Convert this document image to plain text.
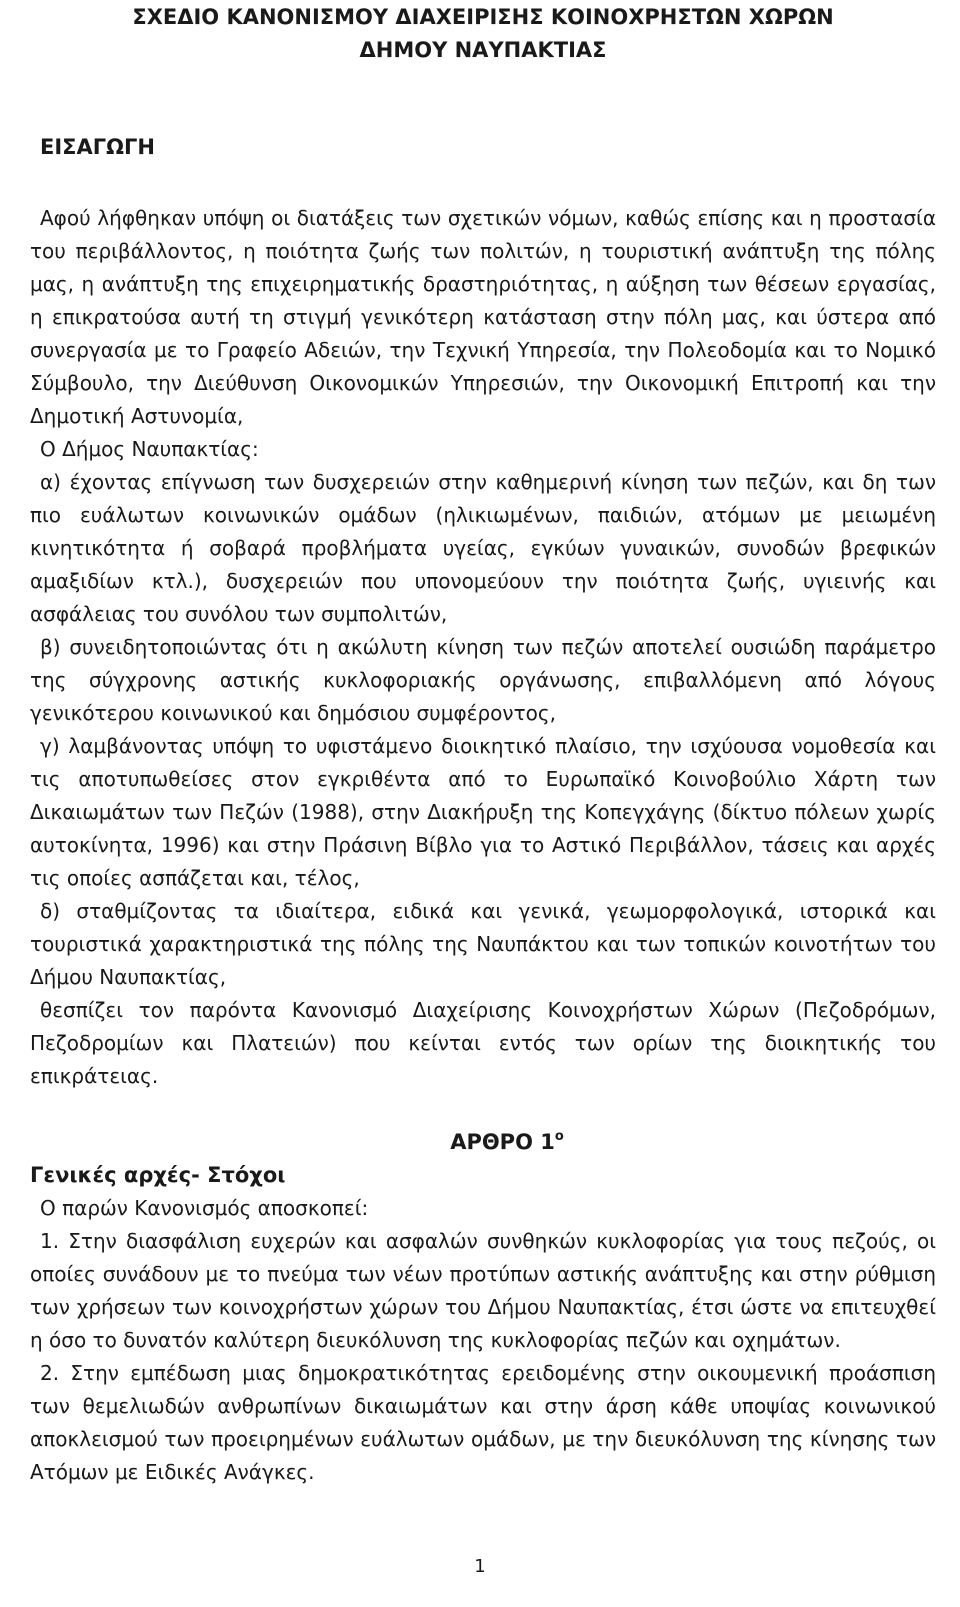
ΣΧΕΔΙΟ ΚΑΝΟΝΙΣΜΟΥ ΔΙΑΧΕΙΡΙΣΗΣ ΚΟΙΝΟΧΡΗΣΤΩΝ ΧΩΡΩΝ
ΔΗΜΟΥ ΝΑΥΠΑΚΤΙΑΣ
ΕΙΣΑΓΩΓΗ

Αφού λήφθηκαν υπόψη οι διατάξεις των σχετικών νόμων, καθώς επίσης και η προστασία του περιβάλλοντος, η ποιότητα ζωής των πολιτών, η τουριστική ανάπτυξη της πόλης μας, η ανάπτυξη της επιχειρηματικής δραστηριότητας, η αύξηση των θέσεων εργασίας, η επικρατούσα αυτή τη στιγμή γενικότερη κατάσταση στην πόλη μας, και ύστερα από συνεργασία με το Γραφείο Αδειών, την Τεχνική Υπηρεσία, την Πολεοδομία και το Νομικό Σύμβουλο, την Διεύθυνση Οικονομικών Υπηρεσιών, την Οικονομική Επιτροπή και την Δημοτική Αστυνομία,

Ο Δήμος Ναυπακτίας:

α) έχοντας επίγνωση των δυσχερειών στην καθημερινή κίνηση των πεζών, και δη των πιο ευάλωτων κοινωνικών ομάδων (ηλικιωμένων, παιδιών, ατόμων με μειωμένη κινητικότητα ή σοβαρά προβλήματα υγείας, εγκύων γυναικών, συνοδών βρεφικών αμαξιδίων κτλ.), δυσχερειών που υπονομεύουν την ποιότητα ζωής, υγιεινής και ασφάλειας του συνόλου των συμπολιτών,

β) συνειδητοποιώντας ότι η ακώλυτη κίνηση των πεζών αποτελεί ουσιώδη παράμετρο της σύγχρονης αστικής κυκλοφοριακής οργάνωσης, επιβαλλόμενη από λόγους γενικότερου κοινωνικού και δημόσιου συμφέροντος,

γ) λαμβάνοντας υπόψη το υφιστάμενο διοικητικό πλαίσιο, την ισχύουσα νομοθεσία και τις αποτυπωθείσες στον εγκριθέντα από το Ευρωπαϊκό Κοινοβούλιο Χάρτη των Δικαιωμάτων των Πεζών (1988), στην Διακήρυξη της Κοπεγχάγης (δίκτυο πόλεων χωρίς αυτοκίνητα, 1996) και στην Πράσινη Βίβλο για το Αστικό Περιβάλλον, τάσεις και αρχές τις οποίες ασπάζεται και, τέλος,

δ) σταθμίζοντας τα ιδιαίτερα, ειδικά και γενικά, γεωμορφολογικά, ιστορικά και τουριστικά χαρακτηριστικά της πόλης της Ναυπάκτου και των τοπικών κοινοτήτων του Δήμου Ναυπακτίας,

θεσπίζει τον παρόντα Κανονισμό Διαχείρισης Κοινοχρήστων Χώρων (Πεζοδρόμων, Πεζοδρομίων και Πλατειών) που κείνται εντός των ορίων της διοικητικής του επικράτειας.

ΑΡΘΡΟ $1^o$
Γενικές αρχές- Στόχοι

Ο παρών Κανονισμός αποσκοπεί:

1. Στην διασφάλιση ευχερών και ασφαλών συνθηκών κυκλοφορίας για τους πεζούς, οι οποίες συνάδουν με το πνεύμα των νέων προτύπων αστικής ανάπτυξης και στην ρύθμιση των χρήσεων των κοινοχρήστων χώρων του Δήμου Ναυπακτίας, έτσι ώστε να επιτευχθεί η όσο το δυνατόν καλύτερη διευκόλυνση της κυκλοφορίας πεζών και οχημάτων.

2. Στην εμπέδωση μιας δημοκρατικότητας ερειδομένης στην οικουμενική προάσπιση των θεμελιωδών ανθρωπίνων δικαιωμάτων και στην άρση κάθε υποψίας κοινωνικού αποκλεισμού των προειρημένων ευάλωτων ομάδων, με την διευκόλυνση της κίνησης των Ατόμων με Ειδικές Ανάγκες.

1
